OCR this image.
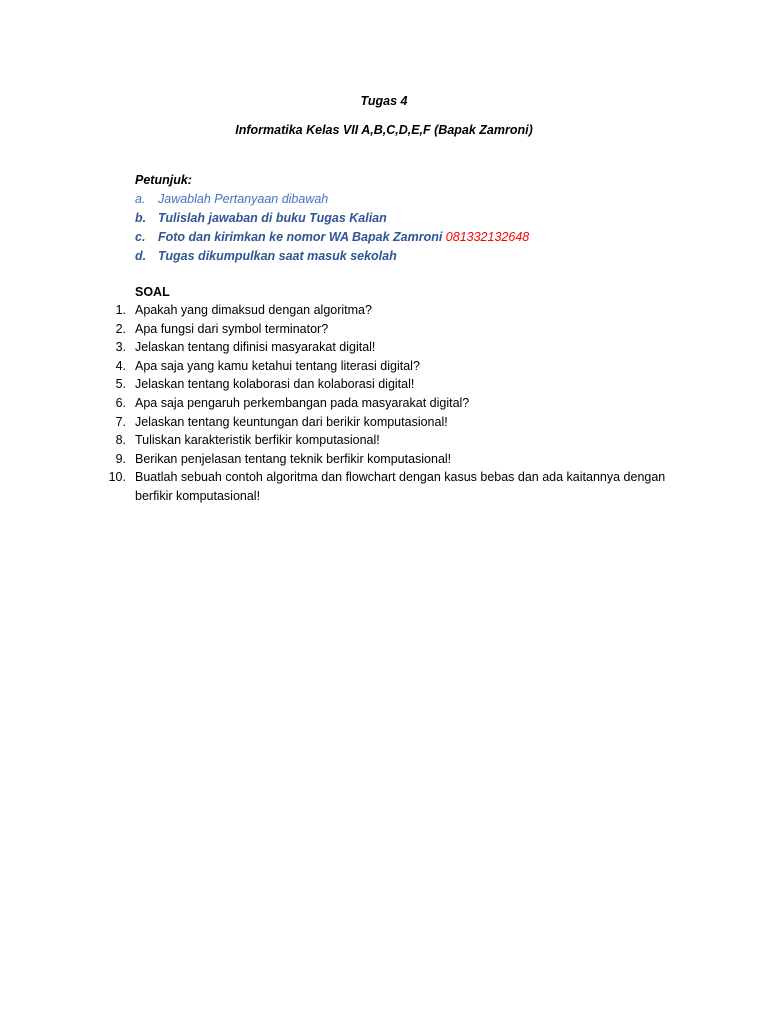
Tugas 4
Informatika Kelas VII A,B,C,D,E,F (Bapak Zamroni)
Petunjuk:
a.	Jawablah Pertanyaan dibawah
b. Tulislah jawaban di buku Tugas Kalian
c.	Foto dan kirimkan ke nomor WA Bapak Zamroni 081332132648
d. Tugas dikumpulkan saat masuk sekolah
SOAL
1. Apakah yang dimaksud dengan algoritma?
2. Apa fungsi dari symbol terminator?
3. Jelaskan tentang difinisi masyarakat digital!
4. Apa saja yang kamu ketahui tentang literasi digital?
5. Jelaskan tentang kolaborasi dan kolaborasi digital!
6. Apa saja pengaruh perkembangan pada masyarakat digital?
7. Jelaskan tentang keuntungan dari berikir komputasional!
8. Tuliskan karakteristik berfikir komputasional!
9. Berikan penjelasan tentang teknik berfikir komputasional!
10. Buatlah sebuah contoh algoritma dan flowchart dengan kasus bebas dan ada kaitannya dengan berfikir komputasional!
